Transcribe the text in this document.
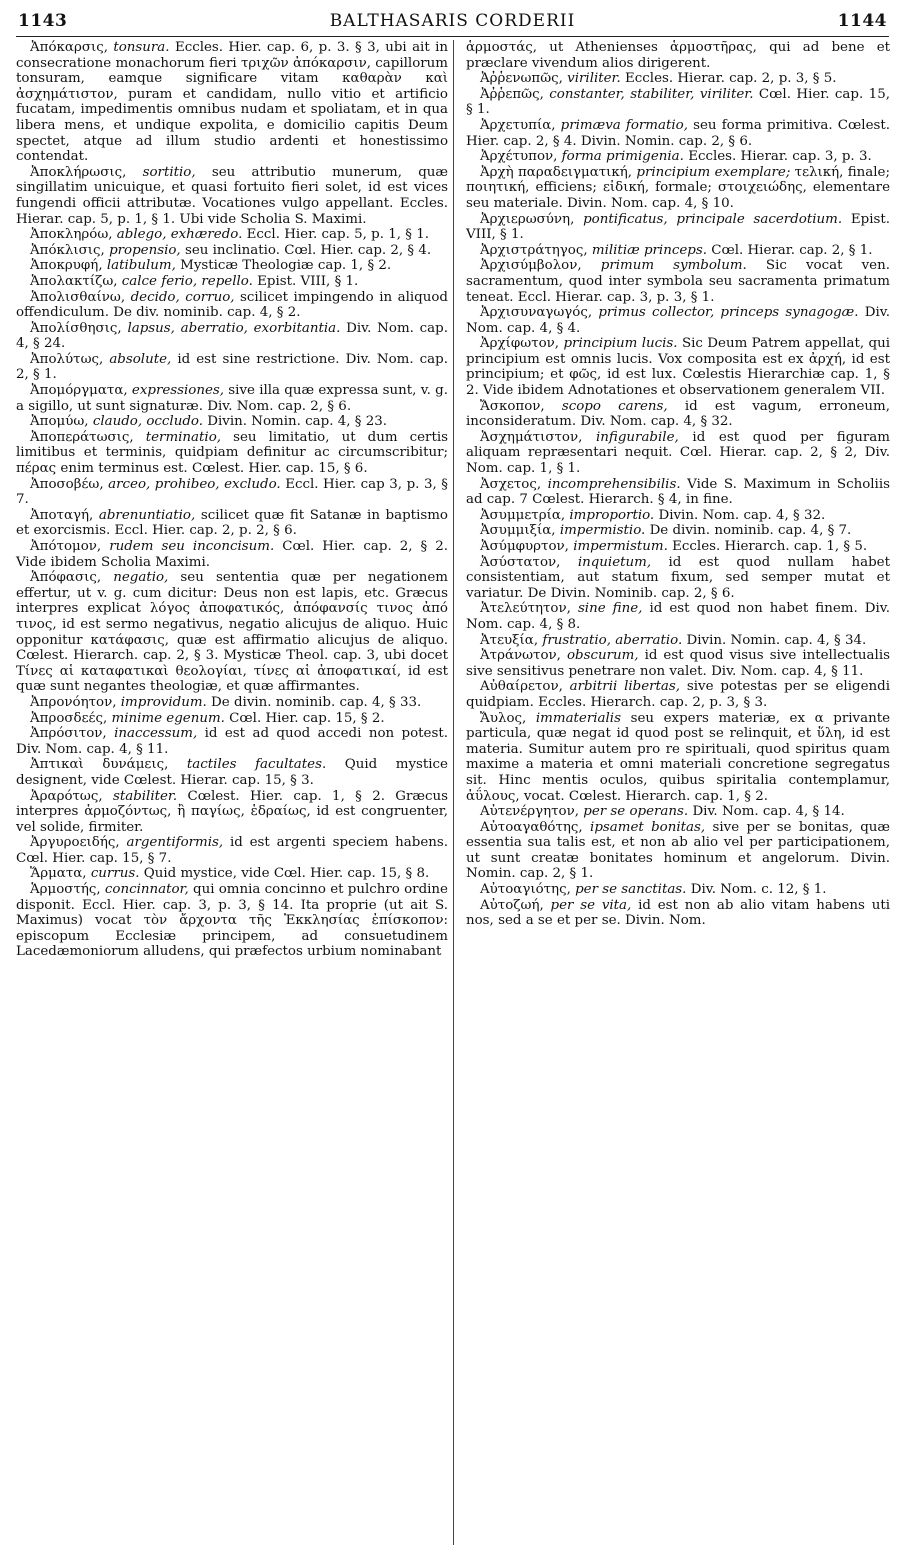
1143	BALTHASARIS CORDERII	1144

Ἀπόκαρσις, tonsura. Eccles. Hier. cap. 6, p. 3. § 3, ubi ait in consecratione monachorum fieri τριχῶν ἀπόκαρσιν, capillorum tonsuram, eamque significare vitam καθαρὰν καὶ ἀσχημάτιστον, puram et candidam, nullo vitio et artificio fucatam, impedimentis omnibus nudam et spoliatam, et in qua libera mens, et undique expolita, e domicilio capitis Deum spectet, atque ad illum studio ardenti et honestissimo contendat.

Ἀποκλήρωσις, sortitio, seu attributio munerum, quæ singillatim unicuique, et quasi fortuito fieri solet, id est vices fungendi officii attributæ. Vocationes vulgo appellant. Eccles. Hierar. cap. 5, p. 1, § 1. Ubi vide Scholia S. Maximi.

Ἀποκληρόω, ablego, exhæredo. Eccl. Hier. cap. 5, p. 1, § 1.

Ἀπόκλισις, propensio, seu inclinatio. Cœl. Hier. cap. 2, § 4.

Ἀποκρυφή, latibulum, Mysticæ Theologiæ cap. 1, § 2.

Ἀπολακτίζω, calce ferio, repello. Epist. VIII, § 1.

Ἀπολισθαίνω, decido, corruo, scilicet impingendo in aliquod offendiculum. De div. nominib. cap. 4, § 2.

Ἀπολίσθησις, lapsus, aberratio, exorbitantia. Div. Nom. cap. 4, § 24.

Ἀπολύτως, absolute, id est sine restrictione. Div. Nom. cap. 2, § 1.

Ἀπομόργματα, expressiones, sive illa quæ expressa sunt, v. g. a sigillo, ut sunt signaturæ. Div. Nom. cap. 2, § 6.

Ἀπομύω, claudo, occludo. Divin. Nomin. cap. 4, § 23.

Ἀποπεράτωσις, terminatio, seu limitatio, ut dum certis limitibus et terminis, quidpiam definitur ac circumscribitur; πέρας enim terminus est. Cœlest. Hier. cap. 15, § 6.

Ἀποσοβέω, arceo, prohibeo, excludo. Eccl. Hier. cap 3, p. 3, § 7.

Ἀποταγή, abrenuntiatio, scilicet quæ fit Satanæ in baptismo et exorcismis. Eccl. Hier. cap. 2, p. 2, § 6.

Ἀπότομον, rudem seu inconcisum. Cœl. Hier. cap. 2, § 2. Vide ibidem Scholia Maximi.

Ἀπόφασις, negatio, seu sententia quæ per negationem effertur, ut v. g. cum dicitur: Deus non est lapis, etc. Græcus interpres explicat λόγος ἀποφατικός, ἀπόφανσίς τινος ἀπό τινος, id est sermo negativus, negatio alicujus de aliquo. Huic opponitur κατάφασις, quæ est affirmatio alicujus de aliquo. Cœlest. Hierarch. cap. 2, § 3. Mysticæ Theol. cap. 3, ubi docet Τίνες αἱ καταφατικαὶ θεολογίαι, τίνες αἱ ἀποφατικαί, id est quæ sunt negantes theologiæ, et quæ affirmantes.

Ἀπρονόητον, improvidum. De divin. nominib. cap. 4, § 33.

Ἀπροσδεές, minime egenum. Cœl. Hier. cap. 15, § 2.

Ἀπρόσιτον, inaccessum, id est ad quod accedi non potest. Div. Nom. cap. 4, § 11.

Ἀπτικαὶ δυνάμεις, tactiles facultates. Quid mystice designent, vide Cœlest. Hierar. cap. 15, § 3.

Ἀραρότως, stabiliter. Cœlest. Hier. cap. 1, § 2. Græcus interpres ἁρμοζόντως, ἢ παγίως, ἑδραίως, id est congruenter, vel solide, firmiter.

Ἀργυροειδής, argentiformis, id est argenti speciem habens. Cœl. Hier. cap. 15, § 7.

Ἅρματα, currus. Quid mystice, vide Cœl. Hier. cap. 15, § 8.

Ἁρμοστής, concinnator, qui omnia concinno et pulchro ordine disponit. Eccl. Hier. cap. 3, p. 3, § 14. Ita proprie (ut ait S. Maximus) vocat τὸν ἄρχοντα τῆς Ἐκκλησίας ἐπίσκοπον: episcopum Ecclesiæ principem, ad consuetudinem Lacedæmoniorum alludens, qui præfectos urbium nominabant

ἁρμοστάς, ut Athenienses ἁρμοστῆρας, qui ad bene et præclare vivendum alios dirigerent.

Ἀῤῥενωπῶς, viriliter. Eccles. Hierar. cap. 2, p. 3, § 5.

Ἀῤῥεπῶς, constanter, stabiliter, viriliter. Cœl. Hier. cap. 15, § 1.

Ἀρχετυπία, primæva formatio, seu forma primitiva. Cœlest. Hier. cap. 2, § 4. Divin. Nomin. cap. 2, § 6.

Ἀρχέτυπον, forma primigenia. Eccles. Hierar. cap. 3, p. 3.

Ἀρχὴ παραδειγματική, principium exemplare; τελική, finale; ποιητική, efficiens; εἰδική, formale; στοιχειώδης, elementare seu materiale. Divin. Nom. cap. 4, § 10.

Ἀρχιερωσύνη, pontificatus, principale sacerdotium. Epist. VIII, § 1.

Ἀρχιστράτηγος, militiæ princeps. Cœl. Hierar. cap. 2, § 1.

Ἀρχισύμβολον, primum symbolum. Sic vocat ven. sacramentum, quod inter symbola seu sacramenta primatum teneat. Eccl. Hierar. cap. 3, p. 3, § 1.

Ἀρχισυναγωγός, primus collector, princeps synagogæ. Div. Nom. cap. 4, § 4.

Ἀρχίφωτον, principium lucis. Sic Deum Patrem appellat, qui principium est omnis lucis. Vox composita est ex ἀρχή, id est principium; et φῶς, id est lux. Cœlestis Hierarchiæ cap. 1, § 2. Vide ibidem Adnotationes et observationem generalem VII.

Ἄσκοπον, scopo carens, id est vagum, erroneum, inconsideratum. Div. Nom. cap. 4, § 32.

Ἀσχημάτιστον, infigurabile, id est quod per figuram aliquam repræsentari nequit. Cœl. Hierar. cap. 2, § 2, Div. Nom. cap. 1, § 1.

Ἀσχετος, incomprehensibilis. Vide S. Maximum in Scholiis ad cap. 7 Cœlest. Hierarch. § 4, in fine.

Ἀσυμμετρία, improportio. Divin. Nom. cap. 4, § 32.

Ἀσυμμιξία, impermistio. De divin. nominib. cap. 4, § 7.

Ἀσύμφυρτον, impermistum. Eccles. Hierarch. cap. 1, § 5.

Ἀσύστατον, inquietum, id est quod nullam habet consistentiam, aut statum fixum, sed semper mutat et variatur. De Divin. Nominib. cap. 2, § 6.

Ἀτελεύτητον, sine fine, id est quod non habet finem. Div. Nom. cap. 4, § 8.

Ἀτευξία, frustratio, aberratio. Divin. Nomin. cap. 4, § 34.

Ἀτράνωτον, obscurum, id est quod visus sive intellectualis sive sensitivus penetrare non valet. Div. Nom. cap. 4, § 11.

Αὐθαίρετον, arbitrii libertas, sive potestas per se eligendi quidpiam. Eccles. Hierarch. cap. 2, p. 3, § 3.

Ἄυλος, immaterialis seu expers materiæ, ex α privante particula, quæ negat id quod post se relinquit, et ὕλη, id est materia. Sumitur autem pro re spirituali, quod spiritus quam maxime a materia et omni materiali concretione segregatus sit. Hinc mentis oculos, quibus spiritalia contemplamur, ἀΰλους, vocat. Cœlest. Hierarch. cap. 1, § 2.

Αὐτενέργητον, per se operans. Div. Nom. cap. 4, § 14.

Αὐτοαγαθότης, ipsamet bonitas, sive per se bonitas, quæ essentia sua talis est, et non ab alio vel per participationem, ut sunt creatæ bonitates hominum et angelorum. Divin. Nomin. cap. 2, § 1.

Αὐτοαγιότης, per se sanctitas. Div. Nom. c. 12, § 1.

Αὐτοζωή, per se vita, id est non ab alio vitam habens uti nos, sed a se et per se. Divin. Nom.
